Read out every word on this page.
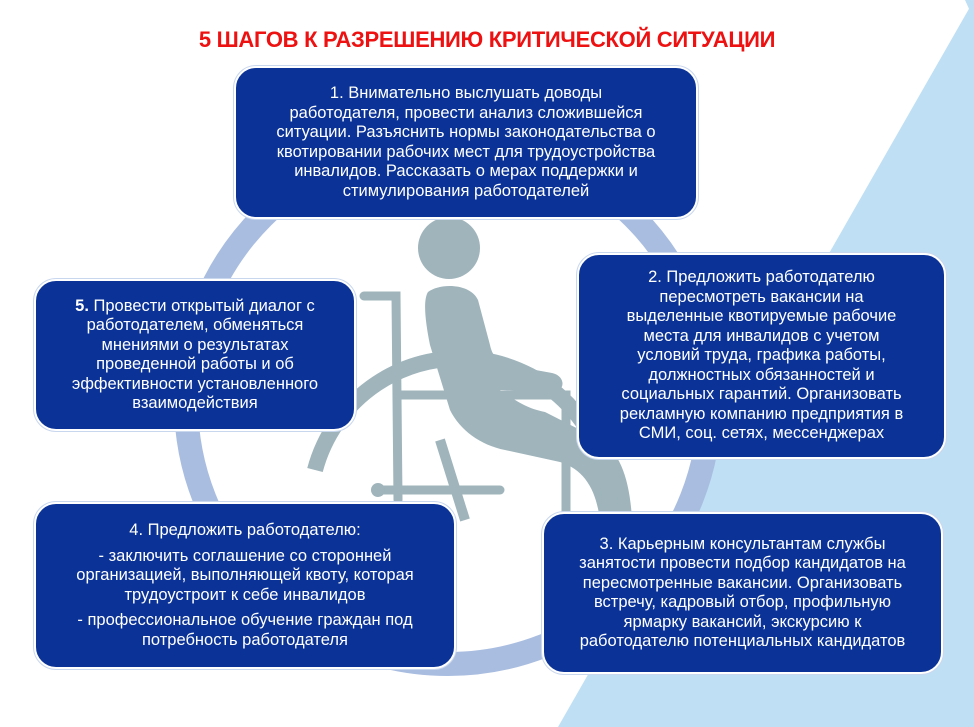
5 ШАГОВ К РАЗРЕШЕНИЮ КРИТИЧЕСКОЙ СИТУАЦИИ

1. Внимательно выслушать доводы

работодателя, провести анализ сложившейся

ситуации. Разъяснить нормы законодательства о

квотировании рабочих мест для трудоустройства

инвалидов. Рассказать о мерах поддержки и

стимулирования работодателей

2. Предложить работодателю

пересмотреть вакансии на

выделенные квотируемые рабочие

места для инвалидов с учетом

условий труда, графика работы,

должностных обязанностей и

социальных гарантий. Организовать

рекламную компанию предприятия в

СМИ, соц. сетях, мессенджерах

3. Карьерным консультантам службы

занятости провести подбор кандидатов на

пересмотренные вакансии. Организовать

встречу, кадровый отбор, профильную

ярмарку вакансий, экскурсию к

работодателю потенциальных кандидатов

4. Предложить работодателю:

- заключить соглашение со сторонней

организацией, выполняющей квоту, которая

трудоустроит к себе инвалидов

- профессиональное обучение граждан под

потребность работодателя

5. Провести открытый диалог с

работодателем, обменяться

мнениями о результатах

проведенной работы и об

эффективности установленного

взаимодействия
